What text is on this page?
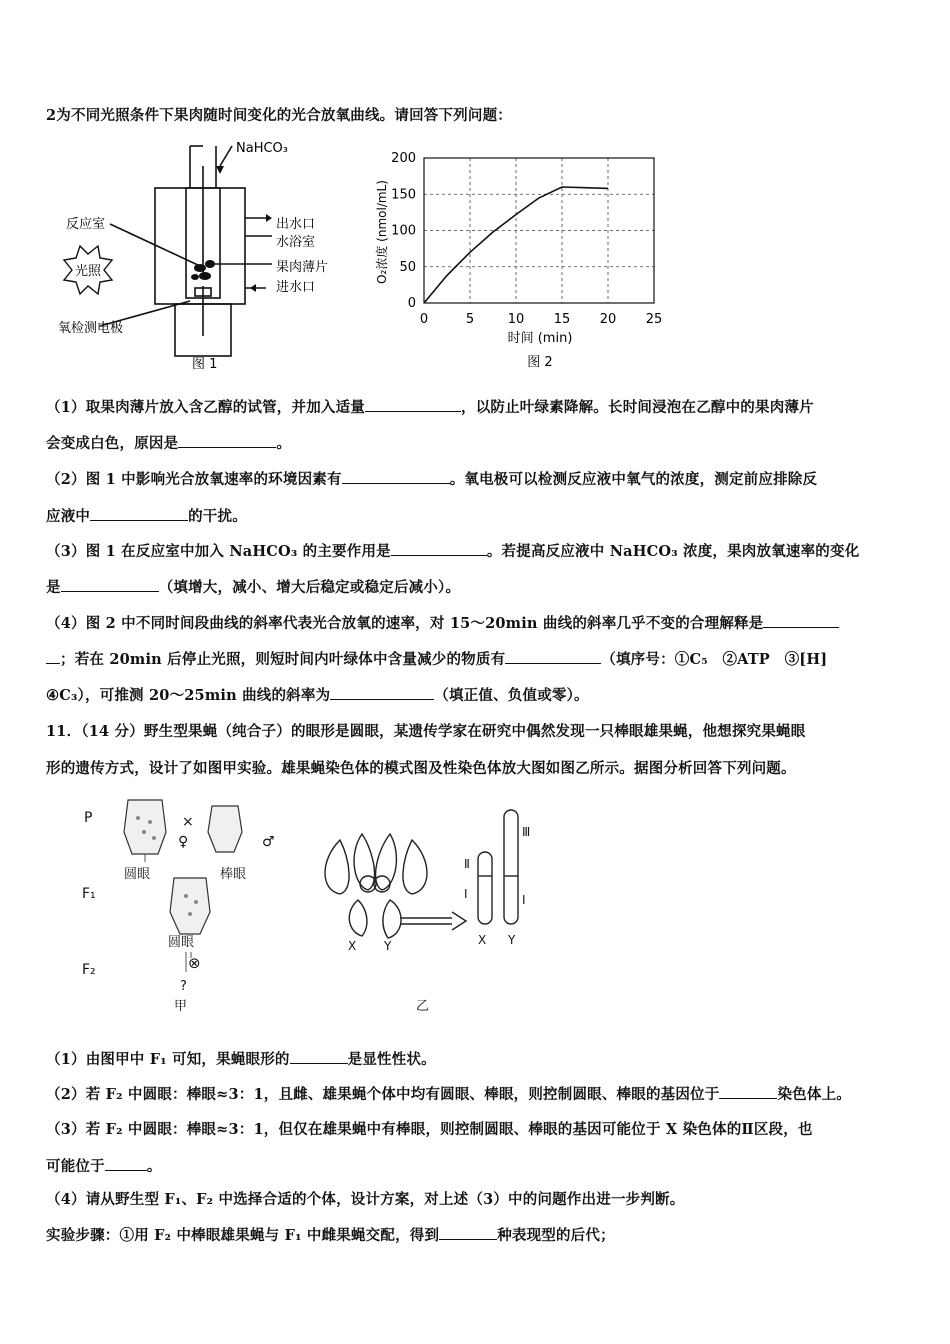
2为不同光照条件下果肉随时间变化的光合放氧曲线。请回答下列问题：
光照
NaHCO₃
反应室	出水口
水浴室
果肉薄片
进水口
氧检测电极
图 1
0
50
100
150
200
0	5	10 15 20 25
时间 (min)
O₂浓度 (nmol/mL)
图 2
（1）取果肉薄片放入含乙醇的试管，并加入适量	，以防止叶绿素降解。长时间浸泡在乙醇中的果肉薄片
会变成白色，原因是	。
（2）图 1 中影响光合放氧速率的环境因素有	。氧电极可以检测反应液中氧气的浓度，测定前应排除反
应液中	的干扰。
（3）图 1 在反应室中加入 NaHCO₃ 的主要作用是	。若提高反应液中 NaHCO₃ 浓度，果肉放氧速率的变化
是	（填增大，减小、增大后稳定或稳定后减小）。
（4）图 2 中不同时间段曲线的斜率代表光合放氧的速率，对 15～20min 曲线的斜率几乎不变的合理解释是
；若在 20min 后停止光照，则短时间内叶绿体中含量减少的物质有	（填序号：①C₅　②ATP　③[H]
④C₃），可推测 20～25min 曲线的斜率为	（填正值、负值或零）。
11．（14 分）野生型果蝇（纯合子）的眼形是圆眼，某遗传学家在研究中偶然发现一只棒眼雄果蝇，他想探究果蝇眼
形的遗传方式，设计了如图甲实验。雄果蝇染色体的模式图及性染色体放大图如图乙所示。据图分析回答下列问题。
P
F₁
F₂
×
♀	♂
圆眼	棒眼
圆眼
⊗
?
甲
X Y	X Y
Ⅱ
Ⅰ
Ⅲ
Ⅰ
乙
（1）由图甲中 F₁ 可知，果蝇眼形的	是显性性状。
（2）若 F₂ 中圆眼：棒眼≈3：1，且雌、雄果蝇个体中均有圆眼、棒眼，则控制圆眼、棒眼的基因位于	染色体上。
（3）若 F₂ 中圆眼：棒眼≈3：1，但仅在雄果蝇中有棒眼，则控制圆眼、棒眼的基因可能位于 X 染色体的Ⅱ区段，也
可能位于	。
（4）请从野生型 F₁、F₂ 中选择合适的个体，设计方案，对上述（3）中的问题作出进一步判断。
实验步骤：①用 F₂ 中棒眼雄果蝇与 F₁ 中雌果蝇交配，得到	种表现型的后代；
